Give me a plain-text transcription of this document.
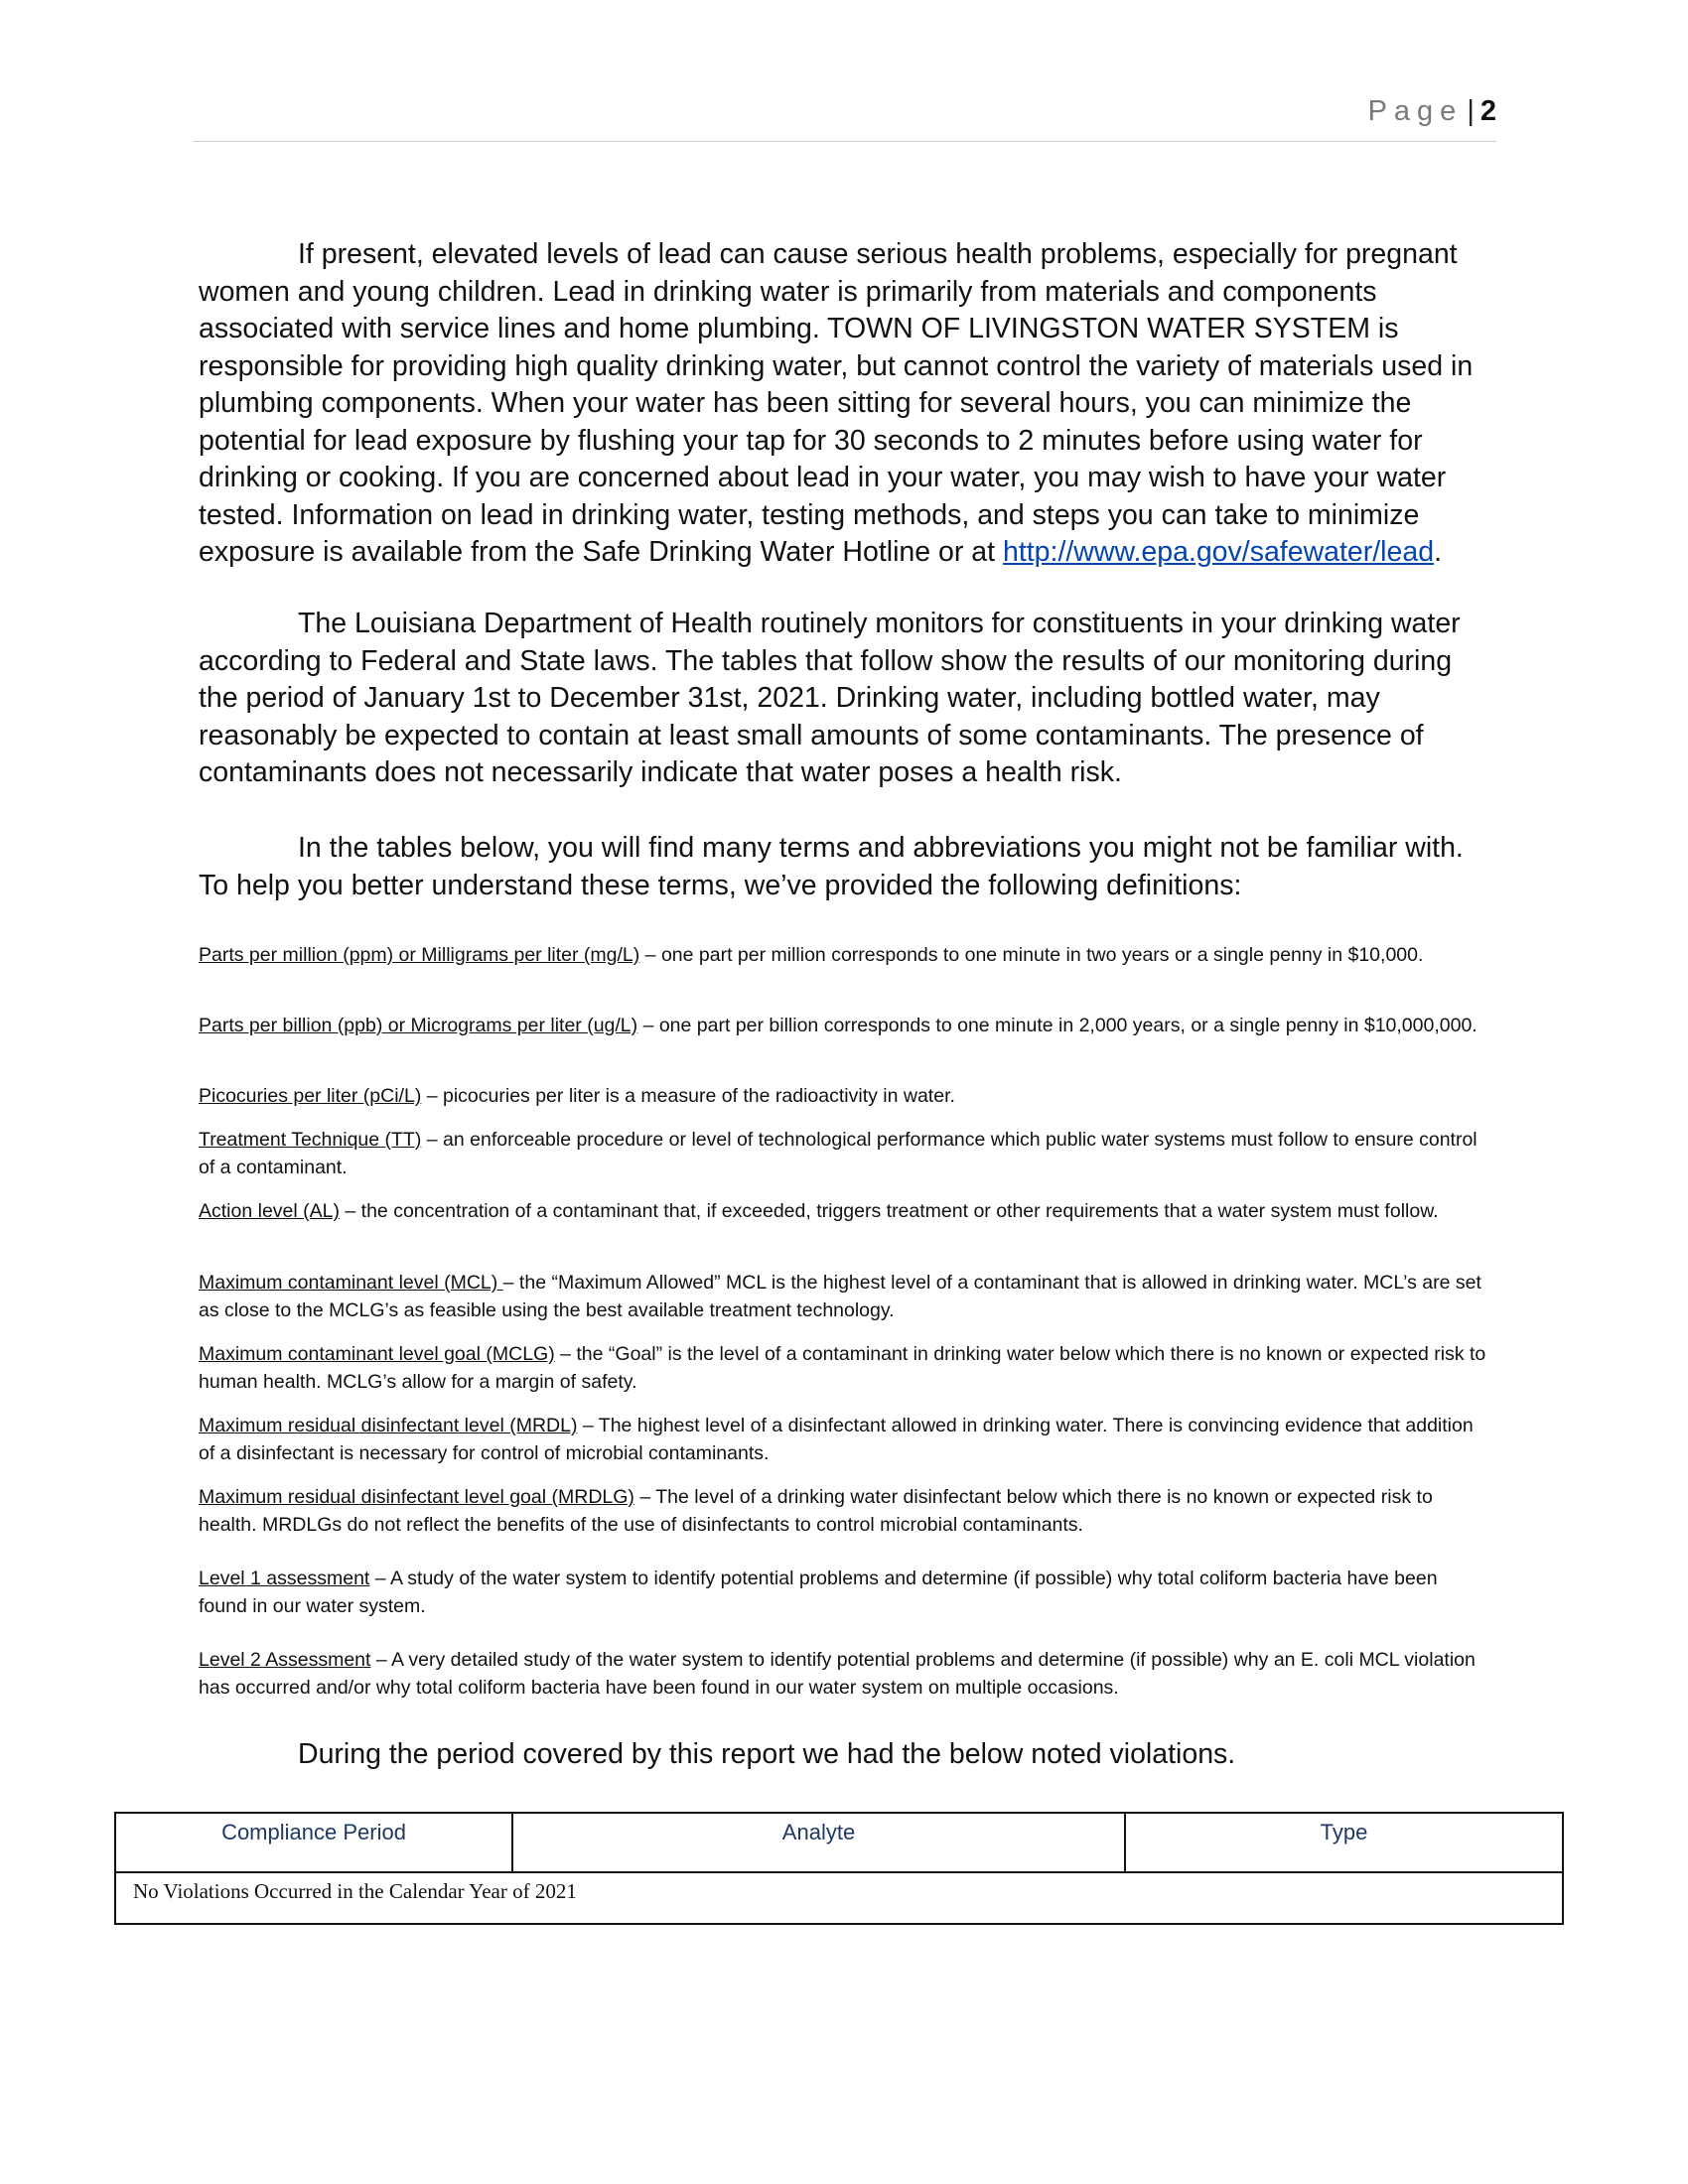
Page | 2

If present, elevated levels of lead can cause serious health problems, especially for pregnant women and young children. Lead in drinking water is primarily from materials and components associated with service lines and home plumbing. TOWN OF LIVINGSTON WATER SYSTEM is responsible for providing high quality drinking water, but cannot control the variety of materials used in plumbing components. When your water has been sitting for several hours, you can minimize the potential for lead exposure by flushing your tap for 30 seconds to 2 minutes before using water for drinking or cooking. If you are concerned about lead in your water, you may wish to have your water tested. Information on lead in drinking water, testing methods, and steps you can take to minimize exposure is available from the Safe Drinking Water Hotline or at http://www.epa.gov/safewater/lead.

The Louisiana Department of Health routinely monitors for constituents in your drinking water according to Federal and State laws. The tables that follow show the results of our monitoring during the period of January 1st to December 31st, 2021. Drinking water, including bottled water, may reasonably be expected to contain at least small amounts of some contaminants. The presence of contaminants does not necessarily indicate that water poses a health risk.

In the tables below, you will find many terms and abbreviations you might not be familiar with. To help you better understand these terms, we’ve provided the following definitions:

Parts per million (ppm) or Milligrams per liter (mg/L) – one part per million corresponds to one minute in two years or a single penny in $10,000.

Parts per billion (ppb) or Micrograms per liter (ug/L) – one part per billion corresponds to one minute in 2,000 years, or a single penny in $10,000,000.

Picocuries per liter (pCi/L) – picocuries per liter is a measure of the radioactivity in water.

Treatment Technique (TT) – an enforceable procedure or level of technological performance which public water systems must follow to ensure control of a contaminant.

Action level (AL) – the concentration of a contaminant that, if exceeded, triggers treatment or other requirements that a water system must follow.

Maximum contaminant level (MCL) – the “Maximum Allowed” MCL is the highest level of a contaminant that is allowed in drinking water. MCL’s are set as close to the MCLG’s as feasible using the best available treatment technology.

Maximum contaminant level goal (MCLG) – the “Goal” is the level of a contaminant in drinking water below which there is no known or expected risk to human health. MCLG’s allow for a margin of safety.

Maximum residual disinfectant level (MRDL) – The highest level of a disinfectant allowed in drinking water. There is convincing evidence that addition of a disinfectant is necessary for control of microbial contaminants.

Maximum residual disinfectant level goal (MRDLG) – The level of a drinking water disinfectant below which there is no known or expected risk to health. MRDLGs do not reflect the benefits of the use of disinfectants to control microbial contaminants.

Level 1 assessment – A study of the water system to identify potential problems and determine (if possible) why total coliform bacteria have been found in our water system.

Level 2 Assessment – A very detailed study of the water system to identify potential problems and determine (if possible) why an E. coli MCL violation has occurred and/or why total coliform bacteria have been found in our water system on multiple occasions.

During the period covered by this report we had the below noted violations.

Compliance Period	Analyte	Type
No Violations Occurred in the Calendar Year of 2021
